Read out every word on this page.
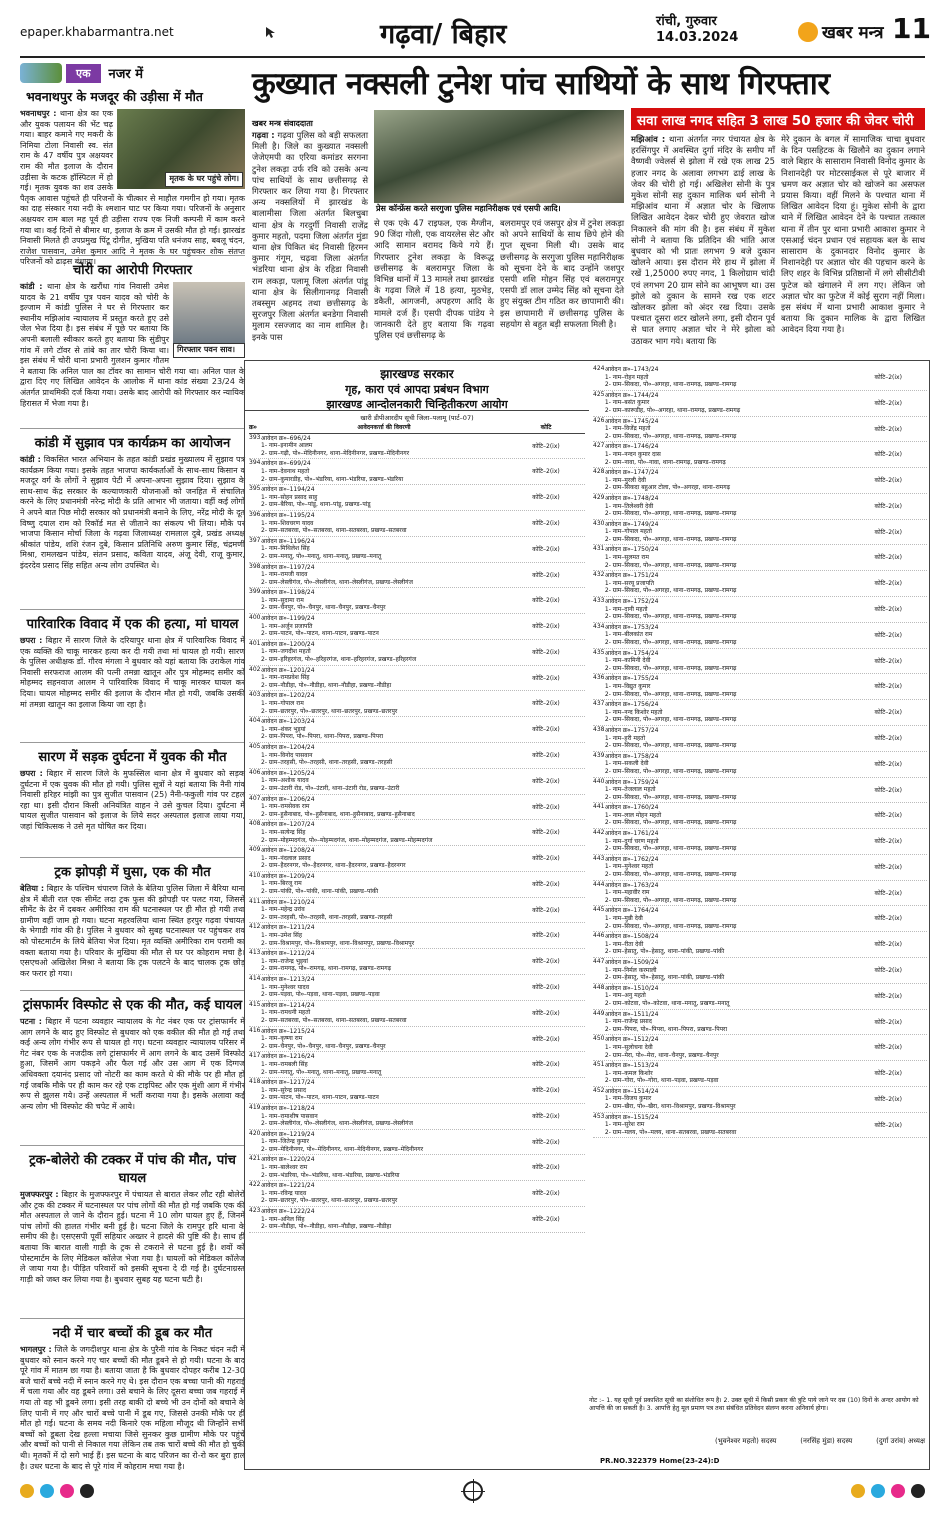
epaper.khabarmantra.net	गढ़वा/ बिहार	रांची, गुरुवार
14.03.2024	खबर मन्त्र 11
एक	नजर में
भवनाथपुर के मजदूर की उड़ीसा में मौत
मृतक के घर पहुंचे लोग।
भवनाथपुर : थाना क्षेत्र का एक और युवक पलायन की भेंट चढ़ गया। बाहर कमाने गए मकरी के निमिया टोला निवासी स्व. संत राम के 47 वर्षीय पुत्र अक्षयवर राम की मौत इलाज के दौरान उड़ीसा के कटक हॉस्पिटल में हो गई। मृतक युवक का शव उसके पैतृक आवास पहुंचते ही परिजनों के चीत्कार से माहौल गमगीन हो गया। मृतक का दाह संस्कार गया नदी के श्मशान घाट पर किया गया। परिजनों के अनुसार अक्षयवर राम बाल मह पूर्व ही उड़ीसा राज्य एक निजी कम्पनी में काम करने गया था। कई दिनों से बीमार था, इलाज के क्रम में उसकी मौत हो गई। झारखंड निवासी मिलते ही उपप्रमुख पिंटू दोगीत, मुखिया पति धनंजय साह, बबलू चंदन, राजेश पासवान, उमेश कुमार आदि ने मृतक के घर पहुंचकर शोक संतप्त परिजनों को ढाढ़स बंधाया।
चोरी का आरोपी गिरफ्तार
गिरफ्तार पवन साव।
कांडी : थाना क्षेत्र के खरौंधा गांव निवासी उमेश यादव के 21 वर्षीय पुत्र पवन यादव को चोरी के इल्जाम में कांडी पुलिस ने घर से गिरफ्तार कर स्थानीय मझिआंव न्यायालय में प्रस्तुत करते हुए उसे जेल भेज दिया है। इस संबंध में पूछे पर बताया कि अपनी बलाली स्वीकार करते हुए बताया कि सुंडीपुर गांव में लगे टॉवर से तांबे का तार चोरी किया था। इस संबंध में चोरी थाना प्रभारी गुलशन कुमार गौतम ने बताया कि अनिल पाल का टॉवर का सामान चोरी गया था। अनिल पाल के द्वारा दिए गए लिखित आवेदन के आलोक में थाना कांड संख्या 23/24 के अंतर्गत प्राथमिकी दर्ज किया गया। उसके बाद आरोपी को गिरफ्तार कर न्यायिक हिरासत में भेजा गया है।
कांडी में सुझाव पत्र कार्यक्रम का आयोजन
कांडी : विकसित भारत अभियान के तहत कांडी प्रखंड मुख्यालय में सुझाव पत्र कार्यक्रम किया गया। इसके तहत भाजपा कार्यकर्ताओं के साथ-साथ किसान व मजदूर वर्ग के लोगों ने सुझाव पेटी में अपना-अपना सुझाव दिया। सुझाव के साथ-साथ केंद्र सरकार के कल्याणकारी योजनाओं को जनहित में संचालित करने के लिए प्रधानमंत्री नरेन्द्र मोदी के प्रति आभार भी जताया। वहीं कई लोगों ने अपने बात पिछ मोदी सरकार को प्रधानमंत्री बनाने के लिए, नरेंद्र मोदी के दूत विष्णु दयाल राम को रिकॉर्ड मत से जीताने का संकल्प भी लिया। मौके पर भाजपा किसान मोर्चा जिला के गढ़वा जिलाध्यक्ष रामलाल दुबे, प्रखंड अध्यक्ष श्रीकांत पांडेय, शशि रंजन दुबे, किसान प्रतिनिधि अरुण कुमार सिंह, चंद्रमणी मिश्रा, रामलखन पांडेय, संतन प्रसाद, कविता यादव, अंजू देवी, राजू कुमार, इंदरदेव प्रसाद सिंह सहित अन्य लोग उपस्थित थे।
पारिवारिक विवाद में एक की हत्या, मां घायल
छपरा : बिहार में सारण जिले के दरियापुर थाना क्षेत्र में पारिवारिक विवाद में एक व्यक्ति की चाकू मारकर हत्या कर दी गयी तथा मां घायल हो गयी। सारण के पुलिस अधीक्षक डॉ. गौरव मंगला ने बुधवार को यहां बताया कि उराकेल गांव निवासी सरफराज आलम की पत्नी तमन्ना खातून और पुत्र मोहम्मद समीर को मोहम्मद सहनवाज आलम ने पारिवारिक विवाद में चाकू मारकर घायल कर दिया। घायल मोहम्मद समीर की इलाज के दौरान मौत हो गयी, जबकि उसकी मां तमन्ना खातून का इलाज किया जा रहा है।
सारण में सड़क दुर्घटना में युवक की मौत
छपरा : बिहार में सारण जिले के मुफस्सिल थाना क्षेत्र में बुधवार को सड़क दुर्घटना में एक युवक की मौत हो गयी। पुलिस सूत्रों ने यहां बताया कि नैनी गांव निवासी हरिहर मांझी का पुत्र सुजीत पासवान (25) नैनी-फकुली गांव पर टहल रहा था। इसी दौरान किसी अनियंत्रित वाहन ने उसे कुचल दिया। दुर्घटना में घायल सुजीत पासवान को इलाज के लिये सदर अस्पताल इलाज लाया गया, जहां चिकित्सक ने उसे मृत घोषित कर दिया।
ट्रक झोपड़ी में घुसा, एक की मौत
बेतिया : बिहार के पश्चिम चंपारण जिले के बेतिया पुलिस जिला में बैरिया थाना क्षेत्र में बीती रात एक सीमेंट लदा ट्रक फुस की झोपड़ी पर पलट गया, जिससे सीमेंट के ढेर में दबकर अमीरिका राम की घटनास्थल पर ही मौत हो गयी तथा ग्रामीण वहीं जाम हो गया। घटना महरवलिया थाना स्थित हरपुर गढ़वा पंचायत के भेगाडी गांव की है। पुलिस ने बुधवार को सुबह घटनास्थल पर पहुंचकर शव को पोस्टमार्टम के लिये बेतिया भेज दिया। मृत व्यक्ति अमीरिका राम परामी का वक्ता बताया गया है। परिवार के मुखिया की मौत से घर पर कोहराम मचा है। एसएचओ अखिलेश मिश्रा ने बताया कि ट्रक पलटने के बाद चालक ट्रक छोड़ कर फरार हो गया।
ट्रांसफार्मर विस्फोट से एक की मौत, कई घायल
पटना : बिहार में पटना व्यवहार न्यायालय के गेट नंबर एक पर ट्रांसफार्मर में आग लगने के बाद हुए विस्फोट से बुधवार को एक वकील की मौत हो गई तथा कई अन्य लोग गंभीर रूप से घायल हो गए। घटना व्यवहार न्यायालय परिसर में गेट नंबर एक के नजदीक लगे ट्रांसफार्मर में आग लगने के बाद उसमें विस्फोट हुआ, जिसमें आग पकड़ने और फैल गई और उस आग में एक दिग्गज अधिवक्ता दयानंद प्रसाद जो नोटरी का काम करते थे की मौके पर ही मौत हो गई जबकि मौके पर ही काम कर रहे एक टाइपिस्ट और एक मुंशी आग में गंभीर रूप से झुलस गये। उन्हें अस्पताल में भर्ती कराया गया है। इसके अलावा कई अन्य लोग भी विस्फोट की चपेट में आये।
ट्रक-बोलेरो की टक्कर में पांच की मौत, पांच घायल
मुजफ्फरपुर : बिहार के मुजफ्फरपुर में पंचायत से बारात लेकर लौट रही बोलेरो और ट्रक की टक्कर में घटनास्थल पर पांच लोगों की मौत हो गई जबकि एक की मौत अस्पताल ले जाने के दौरान हुई। घटना में 10 लोग घायल हुए हैं, जिनमें पांच लोगों की हालत गंभीर बनी हुई है। घटना जिले के रामपुर हरि थाना के समीप की है। एसएसपी पूर्वी सहियार अख्तर ने हादसे की पुष्टि की है। साथ ही बताया कि बारात वाली गाड़ी के ट्रक से टकराने से घटना हुई है। शवों को पोस्टमार्टम के लिए मेडिकल कॉलेज भेजा गया है। घायलों को मेडिकल कॉलेज ले जाया गया है। पीड़ित परिवारों को इसकी सूचना दे दी गई है। दुर्घटनाग्रस्त गाड़ी को जब्त कर लिया गया है। बुधवार सुबह यह घटना घटी है।
नदी में चार बच्चों की डूब कर मौत
भागलपुर : जिले के जगदीशपुर थाना क्षेत्र के पुरैनी गांव के निकट चंदन नदी में बुधवार को स्नान करने गए चार बच्चों की मौत डूबने से हो गयी। घटना के बाद पूरे गांव में मातम छा गया है। बताया जाता है कि बुधवार दोपहर करीब 12-30 बजे चारों बच्चे नदी में स्नान करने गए थे। इस दौरान एक बच्चा पानी की गहराई में चला गया और वह डूबने लगा। उसे बचाने के लिए दूसरा बच्चा जब गहराई में गया तो वह भी डूबने लगा। इसी तरह बाकी दो बच्चे भी उन दोनों को बचाने के लिए पानी में गए और चारों बच्चे पानी में डूब गए, जिससे उनकी मौके पर ही मौत हो गई। घटना के समय नदी किनारे एक महिला मौजूद थी जिन्होंने सभी बच्चों को डूबता देख हल्ला मचाया जिसे सुनकर कुछ ग्रामीण मौके पर पहुंचे और बच्चों को पानी से निकाल गया लेकिन तब तक चारों बच्चे की मौत हो चुकी थी। मृतकों में दो सगे भाई हैं। इस घटना के बाद परिजन का रो-रो कर बुरा हाल है। उधर घटना के बाद से पूरे गांव में कोहराम मचा गया है।
कुख्यात नक्सली टुनेश पांच साथियों के साथ गिरफ्तार
खबर मन्त्र संवाददाता
गढ़वा : गढ़वा पुलिस को बड़ी सफलता मिली है। जिले का कुख्यात नक्सली जेजेएमपी का एरिया कमांडर सरगना टुनेश लकड़ा उर्फ रवि को उसके अन्य पांच साथियों के साथ छत्तीसगढ़ से गिरफ्तार कर लिया गया है। गिरफ्तार अन्य नक्सलियों में झारखंड के बालामीसा जिला अंतर्गत बिलचुबा थाना क्षेत्र के गरदुर्गी निवासी राजेंद्र कुमार महतो, पदमा जिला अंतर्गत मुंडा थाना क्षेत्र पिकित बंद निवासी हिरमन कुमार गंगूम, चढ़वा जिला अंतर्गत भंडरिया थाना क्षेत्र के रहिडा निवासी राम लकड़ा, पलामू जिला अंतर्गत पांडू थाना क्षेत्र के सिलीगानगढ़ निवासी तबस्सुम अहमद तथा छत्तीसगढ़ के सुरजपुर जिला अंतर्गत बनडेगा निवासी मुलाम रसज्जाद का नाम शामिल है। इनके पास
प्रेस कॉन्फ्रेंस करते सरगुजा पुलिस महानिरीक्षक एवं एसपी आदि।
से एक एके 47 राइफल, एक मैग्जीन, 90 जिंदा गोली, एक वायरलेस सेट और आदि सामान बरामद किये गये हैं। गिरफ्तार टुनेश लकड़ा के विरूद्ध छत्तीसगढ़ के बलरामपुर जिला के विभिन्न थानों में 13 मामले तथा झारखंड के गढ़वा जिले में 18 हत्या, मुठभेड़, डकैती, आगजनी, अपहरण आदि के मामले दर्ज हैं। एसपी दीपक पांडेय ने जानकारी देते हुए बताया कि गढ़वा पुलिस एवं छत्तीसगढ़ के
बलरामपुर एवं जसपुर क्षेत्र में टुनेश लकड़ा को अपने साथियों के साथ छिपे होने की गुप्त सूचना मिली थी। उसके बाद छत्तीसगढ़ के सरगुजा पुलिस महानिरीक्षक को सूचना देने के बाद उन्होंने जशपुर एसपी शशि मोहन सिंह एवं बलरामपुर एसपी डॉ लाल उम्मेद सिंह को सूचना देते हुए संयुक्त टीम गठित कर छापामारी की। इस छापामारी में छत्तीसगढ़ पुलिस के सहयोग से बहुत बड़ी सफलता मिली है।
सवा लाख नगद सहित 3 लाख 50 हजार की जेवर चोरी
मझिआंव : थाना अंतर्गत नगर पंचायत क्षेत्र के हरसिंगपुर में अवस्थित दुर्गा मंदिर के समीप माँ वैष्णवी ज्वेलर्स से झोला में रखे एक लाख 25 हजार नगद के अलावा लगभग ढाई लाख के जेवर की चोरी हो गई। अखिलेश सोनी के पुत्र मुकेश सोनी सह दुकान मालिक धर्म सोनी ने मझिआंव थाना में अज्ञात चोर के खिलाफ लिखित आवेदन देकर चोरी हुए जेवरात खोज निकालने की मांग की है। इस संबंध में मुकेश सोनी ने बताया कि प्रतिदिन की भांति आज बुधवार को भी प्रातः लगभग 9 बजे दुकान खोलने आया। इस दौरान मेरे हाथ में झोला में रखें 1,25000 रुपए नगद, 1 किलोग्राम चांदी एवं लगभग 20 ग्राम सोने का आभूषण था। उस झोले को दुकान के सामने रख एक शटर खोलकर झोला को अंदर रख दिया। उसके पश्चात दूसरा शटर खोलने लगा, इसी दौरान पूर्व से घात लगाए अज्ञात चोर ने मेरे झोला को उठाकर भाग गये। बताया कि
मेरे दुकान के बगल में सामाजिक चाचा बुधवार के दिन पसहिटक के खिलौने का दुकान लगाने वाले बिहार के सासाराम निवासी विनोद कुमार के निशानदेही पर मोटरसाईकल से पूरे बाजार में भ्रमण कर अज्ञात चोर को खोजने का असफल प्रयास किया। वहीं मिलने के पश्चात थाना में लिखित आवेदन दिया हूं। मुकेश सोनी के द्वारा थाने में लिखित आवेदन देने के पश्चात तत्काल थाना में तीन पुर थाना प्रभारी आकाश कुमार ने एसआई चंदन प्रधान एवं सहायक बल के साथ सासाराम के दुकानदार विनोद कुमार के निशानदेही पर अज्ञात चोर की पहचान करने के लिए शहर के विभिन्न प्रतिष्ठानों में लगे सीसीटीवी फुटेज को खंगालने में लग गए। लेकिन जो अज्ञात चोर का फुटेज में कोई सुराग नहीं मिला। इस संबंध में थाना प्रभारी आकाश कुमार ने बताया कि दुकान मालिक के द्वारा लिखित आवेदन दिया गया है।
झारखण्ड सरकार
गृह, कारा एवं आपदा प्रबंधन विभाग
झारखण्ड आन्दोलनकारी चिन्हितीकरण आयोग
खारी डीपीआरदीप सूची जिला–पलामू (पार्ट–07)
क्र०	आवेदनकर्त्ता की विवरणी	कोटि
393 आवेदन क्र०–696/24
1- नाम–इनामीन आलम
2- ग्राम–गढ़ी, पो०–मेदिनीनगर, थाना–मेदिनीनगर, प्रखण्ड–मेदिनीनगर
कोटि–2(ix)
394 आवेदन क्र०–699/24
1- नाम–देवनाथ महतो
2- ग्राम–कुमारडीह, पो०–भंडरिया, थाना–भंडरिया, प्रखण्ड–भंडरिया
कोटि–2(ix)
395 आवेदन क्र०–1194/24
1- नाम–सोहन प्रसाद साहु
2- ग्राम–बैरिया, पो०–पांडू, थाना–पांडू, प्रखण्ड–पांडू
कोटि–2(ix)
396 आवेदन क्र०–1195/24
1- नाम–शिवचरण यादव
2- ग्राम–सतबरवा, पो०–सतबरवा, थाना–सतबरवा, प्रखण्ड–सतबरवा
कोटि–2(ix)
397 आवेदन क्र०–1196/24
1- नाम–मिथिलेश सिंह
2- ग्राम–मनातू, पो०–मनातू, थाना–मनातू, प्रखण्ड–मनातू
कोटि–2(ix)
398 आवेदन क्र०–1197/24
1- नाम–रामजी यादव
2- ग्राम–लेस्लीगंज, पो०–लेस्लीगंज, थाना–लेस्लीगंज, प्रखण्ड–लेस्लीगंज
कोटि–2(ix)
399 आवेदन क्र०–1198/24
1- नाम–सुदामा राम
2- ग्राम–चैनपुर, पो०–चैनपुर, थाना–चैनपुर, प्रखण्ड–चैनपुर
कोटि–2(ix)
400 आवेदन क्र०–1199/24
1- नाम–अर्जुन प्रजापति
2- ग्राम–पाटन, पो०–पाटन, थाना–पाटन, प्रखण्ड–पाटन
कोटि–2(ix)
401 आवेदन क्र०–1200/24
1- नाम–जगदीश महतो
2- ग्राम–हरिहरगंज, पो०–हरिहरगंज, थाना–हरिहरगंज, प्रखण्ड–हरिहरगंज
कोटि–2(ix)
402 आवेदन क्र०–1201/24
1- नाम–रामप्रवेश सिंह
2- ग्राम–नौडीहा, पो०–नौडीहा, थाना–नौडीहा, प्रखण्ड–नौडीहा
कोटि–2(ix)
403 आवेदन क्र०–1202/24
1- नाम–गोपाल राम
2- ग्राम–छतरपुर, पो०–छतरपुर, थाना–छतरपुर, प्रखण्ड–छतरपुर
कोटि–2(ix)
404 आवेदन क्र०–1203/24
1- नाम–शंकर भुइयां
2- ग्राम–पिपरा, पो०–पिपरा, थाना–पिपरा, प्रखण्ड–पिपरा
कोटि–2(ix)
405 आवेदन क्र०–1204/24
1- नाम–विनोद पासवान
2- ग्राम–तरहसी, पो०–तरहसी, थाना–तरहसी, प्रखण्ड–तरहसी
कोटि–2(ix)
406 आवेदन क्र०–1205/24
1- नाम–अशोक यादव
2- ग्राम–उंटारी रोड, पो०–उंटारी, थाना–उंटारी रोड, प्रखण्ड–उंटारी
कोटि–2(ix)
407 आवेदन क्र०–1206/24
1- नाम–रामसेवक राम
2- ग्राम–हुसैनाबाद, पो०–हुसैनाबाद, थाना–हुसैनाबाद, प्रखण्ड–हुसैनाबाद
कोटि–2(ix)
408 आवेदन क्र०–1207/24
1- नाम–सत्येन्द्र सिंह
2- ग्राम–मोहम्मदगंज, पो०–मोहम्मदगंज, थाना–मोहम्मदगंज, प्रखण्ड–मोहम्मदगंज
कोटि–2(ix)
409 आवेदन क्र०–1208/24
1- नाम–नंदलाल प्रसाद
2- ग्राम–हैदरनगर, पो०–हैदरनगर, थाना–हैदरनगर, प्रखण्ड–हैदरनगर
कोटि–2(ix)
410 आवेदन क्र०–1209/24
1- नाम–बिरजू राम
2- ग्राम–पांकी, पो०–पांकी, थाना–पांकी, प्रखण्ड–पांकी
कोटि–2(ix)
411 आवेदन क्र०–1210/24
1- नाम–महेन्द्र उरांव
2- ग्राम–तरहसी, पो०–तरहसी, थाना–तरहसी, प्रखण्ड–तरहसी
कोटि–2(ix)
412 आवेदन क्र०–1211/24
1- नाम–उमेश सिंह
2- ग्राम–विश्रामपुर, पो०–विश्रामपुर, थाना–विश्रामपुर, प्रखण्ड–विश्रामपुर
कोटि–2(ix)
413 आवेदन क्र०–1212/24
1- नाम–राजेन्द्र भुइयां
2- ग्राम–रामगढ़, पो०–रामगढ़, थाना–रामगढ़, प्रखण्ड–रामगढ़
कोटि–2(ix)
414 आवेदन क्र०–1213/24
1- नाम–मुनेश्वर यादव
2- ग्राम–पड़वा, पो०–पड़वा, थाना–पड़वा, प्रखण्ड–पड़वा
कोटि–2(ix)
415 आवेदन क्र०–1214/24
1- नाम–रामधनी महतो
2- ग्राम–सतबरवा, पो०–सतबरवा, थाना–सतबरवा, प्रखण्ड–सतबरवा
कोटि–2(ix)
416 आवेदन क्र०–1215/24
1- नाम–कृष्णा राम
2- ग्राम–चैनपुर, पो०–चैनपुर, थाना–चैनपुर, प्रखण्ड–चैनपुर
कोटि–2(ix)
417 आवेदन क्र०–1216/24
1- नाम–रामबली सिंह
2- ग्राम–मनातू, पो०–मनातू, थाना–मनातू, प्रखण्ड–मनातू
कोटि–2(ix)
418 आवेदन क्र०–1217/24
1- नाम–सुरेन्द्र प्रसाद
2- ग्राम–पाटन, पो०–पाटन, थाना–पाटन, प्रखण्ड–पाटन
कोटि–2(ix)
419 आवेदन क्र०–1218/24
1- नाम–रामाशीष पासवान
2- ग्राम–लेस्लीगंज, पो०–लेस्लीगंज, थाना–लेस्लीगंज, प्रखण्ड–लेस्लीगंज
कोटि–2(ix)
420 आवेदन क्र०–1219/24
1- नाम–जितेन्द्र कुमार
2- ग्राम–मेदिनीनगर, पो०–मेदिनीनगर, थाना–मेदिनीनगर, प्रखण्ड–मेदिनीनगर
कोटि–2(ix)
421 आवेदन क्र०–1220/24
1- नाम–बालेश्वर राम
2- ग्राम–भंडरिया, पो०–भंडरिया, थाना–भंडरिया, प्रखण्ड–भंडरिया
कोटि–2(ix)
422 आवेदन क्र०–1221/24
1- नाम–रविन्द्र यादव
2- ग्राम–छतरपुर, पो०–छतरपुर, थाना–छतरपुर, प्रखण्ड–छतरपुर
कोटि–2(ix)
423 आवेदन क्र०–1222/24
1- नाम–अनिल सिंह
2- ग्राम–नौडीहा, पो०–नौडीहा, थाना–नौडीहा, प्रखण्ड–नौडीहा
कोटि–2(ix)
424 आवेदन क्र०–1743/24
1- नाम–रोहन महतो
2- ग्राम–सिकदा, पो०–अगरहा, थाना–रामगढ़, प्रखण्ड–रामगढ़
कोटि–2(ix)
425 आवेदन क्र०–1744/24
1- नाम–बसंत कुमार
2- ग्राम–कारूडीह, पो०–अगरहा, थाना–रामगढ़, प्रखण्ड–रामगढ़
कोटि–2(ix)
426 आवेदन क्र०–1745/24
1- नाम–विजेंद्र महतो
2- ग्राम–सिकदा, पो०–अगरहा, थाना–रामगढ़, प्रखण्ड–रामगढ़
कोटि–2(ix)
427 आवेदन क्र०–1746/24
1- नाम–नन्दन कुमार दास
2- ग्राम–नावा, पो०–नावा, थाना–रामगढ़, प्रखण्ड–रामगढ़
कोटि–2(ix)
428 आवेदन क्र०–1747/24
1- नाम–मुरली देवी
2- ग्राम–सिकदा बहुआर टोला, पो०–अगरहा, थाना–रामगढ़
कोटि–2(ix)
429 आवेदन क्र०–1748/24
1- नाम–तिलेश्वरी देवी
2- ग्राम–सिकदा, पो०–अगरहा, थाना–रामगढ़, प्रखण्ड–रामगढ़
कोटि–2(ix)
430 आवेदन क्र०–1749/24
1- नाम–गोपाल महतो
2- ग्राम–सिकदा, पो०–अगरहा, थाना–रामगढ़, प्रखण्ड–रामगढ़
कोटि–2(ix)
431 आवेदन क्र०–1750/24
1- नाम–सुलमत राम
2- ग्राम–सिकदा, पो०–अगरहा, थाना–रामगढ़, प्रखण्ड–रामगढ़
कोटि–2(ix)
432 आवेदन क्र०–1751/24
1- नाम–सरयू प्रजापति
2- ग्राम–सिकदा, पो०–अगरहा, थाना–रामगढ़, प्रखण्ड–रामगढ़
कोटि–2(ix)
433 आवेदन क्र०–1752/24
1- नाम–दानी महतो
2- ग्राम–सिकदा, पो०–अगरहा, थाना–रामगढ़, प्रखण्ड–रामगढ़
कोटि–2(ix)
434 आवेदन क्र०–1753/24
1- नाम–बीलकांत राम
2- ग्राम–सिकदा, पो०–अगरहा, थाना–रामगढ़, प्रखण्ड–रामगढ़
कोटि–2(ix)
435 आवेदन क्र०–1754/24
1- नाम–कामिनी देवी
2- ग्राम–सिकदा, पो०–अगरहा, थाना–रामगढ़, प्रखण्ड–रामगढ़
कोटि–2(ix)
436 आवेदन क्र०–1755/24
1- नाम–विद्युत कुमार
2- ग्राम–सिकदा, पो०–अगरहा, थाना–रामगढ़, प्रखण्ड–रामगढ़
कोटि–2(ix)
437 आवेदन क्र०–1756/24
1- नाम–नन्द किशोर महतो
2- ग्राम–सिकदा, पो०–अगरहा, थाना–रामगढ़, प्रखण्ड–रामगढ़
कोटि–2(ix)
438 आवेदन क्र०–1757/24
1- नाम–हरी महतो
2- ग्राम–सिकदा, पो०–अगरहा, थाना–रामगढ़, प्रखण्ड–रामगढ़
कोटि–2(ix)
439 आवेदन क्र०–1758/24
1- नाम–सकली देवी
2- ग्राम–सिकदा, पो०–अगरहा, थाना–रामगढ़, प्रखण्ड–रामगढ़
कोटि–2(ix)
440 आवेदन क्र०–1759/24
1- नाम–तेजलाल महतो
2- ग्राम–सिकदा, पो०–अगरहा, थाना–रामगढ़, प्रखण्ड–रामगढ़
कोटि–2(ix)
441 आवेदन क्र०–1760/24
1- नाम–लाल मोहन महतो
2- ग्राम–सिकदा, पो०–अगरहा, थाना–रामगढ़, प्रखण्ड–रामगढ़
कोटि–2(ix)
442 आवेदन क्र०–1761/24
1- नाम–दुर्गा चरण महतो
2- ग्राम–सिकदा, पो०–अगरहा, थाना–रामगढ़, प्रखण्ड–रामगढ़
कोटि–2(ix)
443 आवेदन क्र०–1762/24
1- नाम–मुनेश्वर महतो
2- ग्राम–सिकदा, पो०–अगरहा, थाना–रामगढ़, प्रखण्ड–रामगढ़
कोटि–2(ix)
444 आवेदन क्र०–1763/24
1- नाम–महावीर राम
2- ग्राम–सिकदा, पो०–अगरहा, थाना–रामगढ़, प्रखण्ड–रामगढ़
कोटि–2(ix)
445 आवेदन क्र०–1764/24
1- नाम–मुन्नी देवी
2- ग्राम–सिकदा, पो०–अगरहा, थाना–रामगढ़, प्रखण्ड–रामगढ़
कोटि–2(ix)
446 आवेदन क्र०–1508/24
1- नाम–रीता देवी
2- ग्राम–हेसातु, पो०–हेसातु, थाना–पांकी, प्रखण्ड–पांकी
कोटि–2(ix)
447 आवेदन क्र०–1509/24
1- नाम–निर्मल करमाली
2- ग्राम–हेसातु, पो०–हेसातु, थाना–पांकी, प्रखण्ड–पांकी
कोटि–2(ix)
448 आवेदन क्र०–1510/24
1- नाम–अनु महतो
2- ग्राम–कोटवा, पो०–कोटवा, थाना–मनातू, प्रखण्ड–मनातू
कोटि–2(ix)
449 आवेदन क्र०–1511/24
1- नाम–राजेन्द्र प्रसाद
2- ग्राम–पिपरा, पो०–पिपरा, थाना–पिपरा, प्रखण्ड–पिपरा
कोटि–2(ix)
450 आवेदन क्र०–1512/24
1- नाम–सुलोचना देवी
2- ग्राम–मेरा, पो०–मेरा, थाना–चैनपुर, प्रखण्ड–चैनपुर
कोटि–2(ix)
451 आवेदन क्र०–1513/24
1- नाम–कमल किशोर
2- ग्राम–गोरा, पो०–गोरा, थाना–पड़वा, प्रखण्ड–पड़वा
कोटि–2(ix)
452 आवेदन क्र०–1514/24
1- नाम–विजय कुमार
2- ग्राम–खैरा, पो०–खैरा, थाना–विश्रामपुर, प्रखण्ड–विश्रामपुर
कोटि–2(ix)
453 आवेदन क्र०–1515/24
1- नाम–सुरेश राम
2- ग्राम–मलय, पो०–मलय, थाना–सतबरवा, प्रखण्ड–सतबरवा
कोटि–2(ix)
नोट :– 1. यह सूची पूर्व प्रकाशित सूची का संशोधित रूप है। 2. उक्त सूची में किसी प्रकार की त्रुटि पाये जाने पर दस (10) दिनों के अन्दर आयोग को आपत्ति की जा सकती है। 3. आपत्ति हेतु मूल प्रमाण पत्र तथा संबंधित प्रतिवेदन संलग्न करना अनिवार्य होगा।
(भुवनेश्वर महतो) सदस्य	(नरसिंह मुंडा) सदस्य	(दुर्गा उरांव) अध्यक्ष
PR.NO.322379 Home(23-24):D
